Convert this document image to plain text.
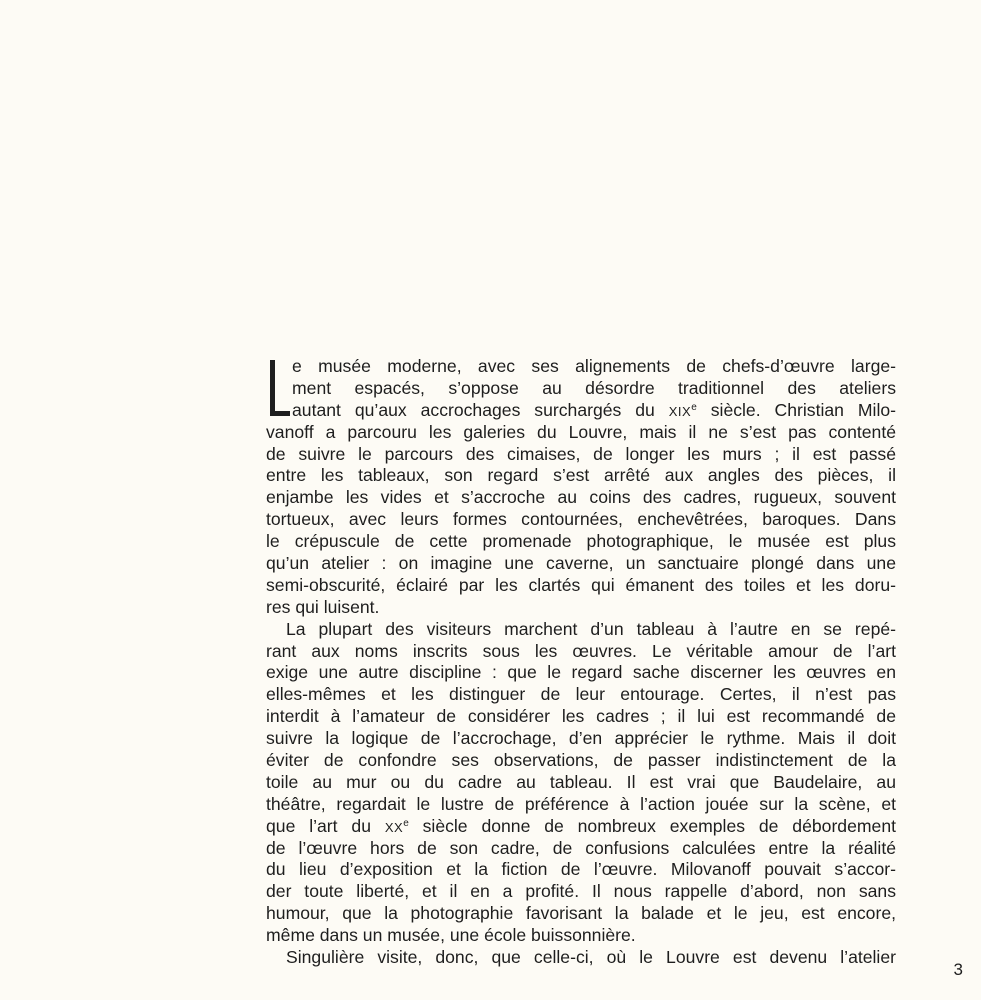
e musée moderne, avec ses alignements de chefs-d’œuvre large-
ment espacés, s’oppose au désordre traditionnel des ateliers
autant qu’aux accrochages surchargés du XIXe siècle. Christian Milo-
vanoff a parcouru les galeries du Louvre, mais il ne s’est pas contenté
de suivre le parcours des cimaises, de longer les murs ; il est passé
entre les tableaux, son regard s’est arrêté aux angles des pièces, il
enjambe les vides et s’accroche au coins des cadres, rugueux, souvent
tortueux, avec leurs formes contournées, enchevêtrées, baroques. Dans
le crépuscule de cette promenade photographique, le musée est plus
qu’un atelier : on imagine une caverne, un sanctuaire plongé dans une
semi-obscurité, éclairé par les clartés qui émanent des toiles et les doru-
res qui luisent.
La plupart des visiteurs marchent d’un tableau à l’autre en se repé-
rant aux noms inscrits sous les œuvres. Le véritable amour de l’art
exige une autre discipline : que le regard sache discerner les œuvres en
elles-mêmes et les distinguer de leur entourage. Certes, il n’est pas
interdit à l’amateur de considérer les cadres ; il lui est recommandé de
suivre la logique de l’accrochage, d’en apprécier le rythme. Mais il doit
éviter de confondre ses observations, de passer indistinctement de la
toile au mur ou du cadre au tableau. Il est vrai que Baudelaire, au
théâtre, regardait le lustre de préférence à l’action jouée sur la scène, et
que l’art du XXe siècle donne de nombreux exemples de débordement
de l’œuvre hors de son cadre, de confusions calculées entre la réalité
du lieu d’exposition et la fiction de l’œuvre. Milovanoff pouvait s’accor-
der toute liberté, et il en a profité. Il nous rappelle d’abord, non sans
humour, que la photographie favorisant la balade et le jeu, est encore,
même dans un musée, une école buissonnière.
Singulière visite, donc, que celle-ci, où le Louvre est devenu l’atelier
3
